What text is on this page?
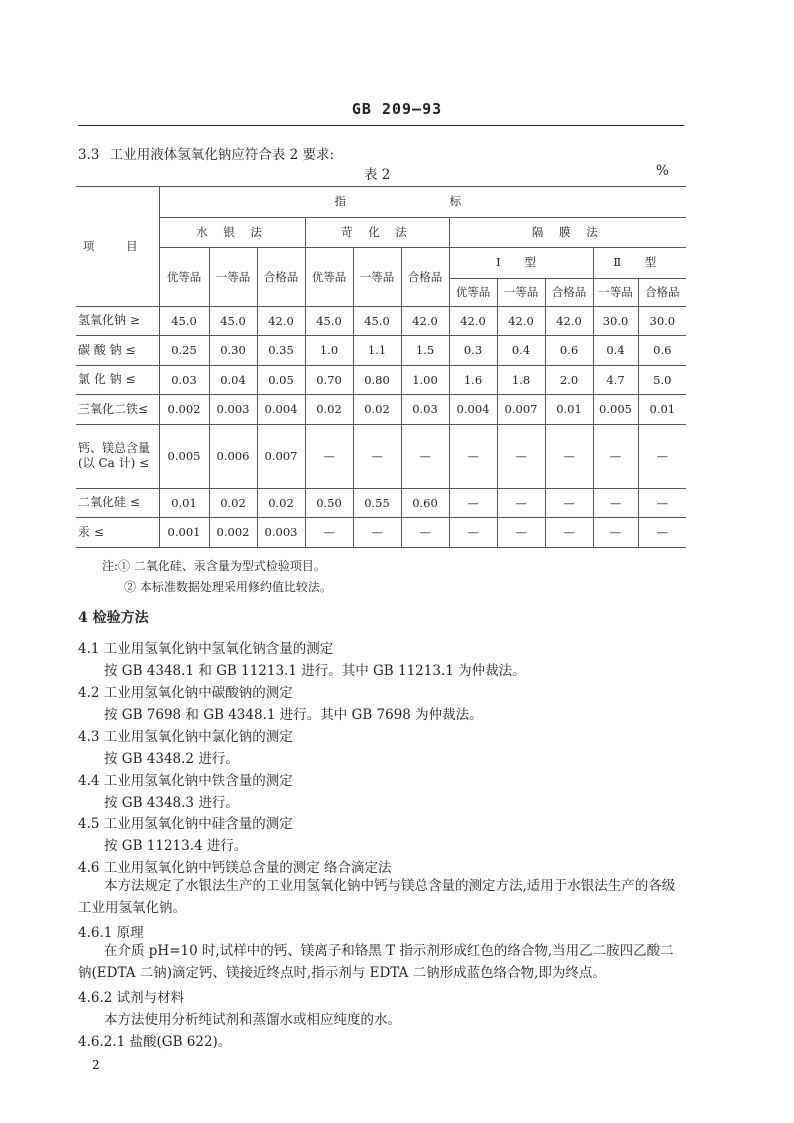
GB 209—93
3.3 工业用液体氢氧化钠应符合表 2 要求:
表 2	%
项 目	指 标										
	水 银 法			苛 化 法			隔 膜 法				
	优等品	一等品	合格品	优等品	一等品	合格品	Ⅰ 型			Ⅱ 型	
							优等品	一等品	合格品	一等品	合格品
氢氧化钠 ≥	45.0	45.0	42.0	45.0	45.0	42.0	42.0	42.0	42.0	30.0	30.0
碳 酸 钠 ≤	0.25	0.30	0.35	1.0	1.1	1.5	0.3	0.4	0.6	0.4	0.6
氯 化 钠 ≤	0.03	0.04	0.05	0.70	0.80	1.00	1.6	1.8	2.0	4.7	5.0
三氧化二铁≤	0.002	0.003	0.004	0.02	0.02	0.03	0.004	0.007	0.01	0.005	0.01

钙、镁总含量
(以 Ca 计) ≤	0.005	0.006	0.007	—	—	—	—	—	—	—	—
二氧化硅 ≤	0.01	0.02	0.02	0.50	0.55	0.60	—	—	—	—	—
汞 ≤	0.001	0.002	0.003	—	—	—	—	—	—	—	—
注:① 二氧化硅、汞含量为型式检验项目。
② 本标准数据处理采用修约值比较法。
4 检验方法
4.1 工业用氢氧化钠中氢氧化钠含量的测定
按 GB 4348.1 和 GB 11213.1 进行。其中 GB 11213.1 为仲裁法。
4.2 工业用氢氧化钠中碳酸钠的测定
按 GB 7698 和 GB 4348.1 进行。其中 GB 7698 为仲裁法。
4.3 工业用氢氧化钠中氯化钠的测定
按 GB 4348.2 进行。
4.4 工业用氢氧化钠中铁含量的测定
按 GB 4348.3 进行。
4.5 工业用氢氧化钠中硅含量的测定
按 GB 11213.4 进行。
4.6 工业用氢氧化钠中钙镁总含量的测定 络合滴定法
本方法规定了水银法生产的工业用氢氧化钠中钙与镁总含量的测定方法,适用于水银法生产的各级工业用氢氧化钠。
4.6.1 原理
在介质 pH=10 时,试样中的钙、镁离子和铬黑 T 指示剂形成红色的络合物,当用乙二胺四乙酸二钠(EDTA 二钠)滴定钙、镁接近终点时,指示剂与 EDTA 二钠形成蓝色络合物,即为终点。
4.6.2 试剂与材料
本方法使用分析纯试剂和蒸馏水或相应纯度的水。
4.6.2.1 盐酸(GB 622)。
2
